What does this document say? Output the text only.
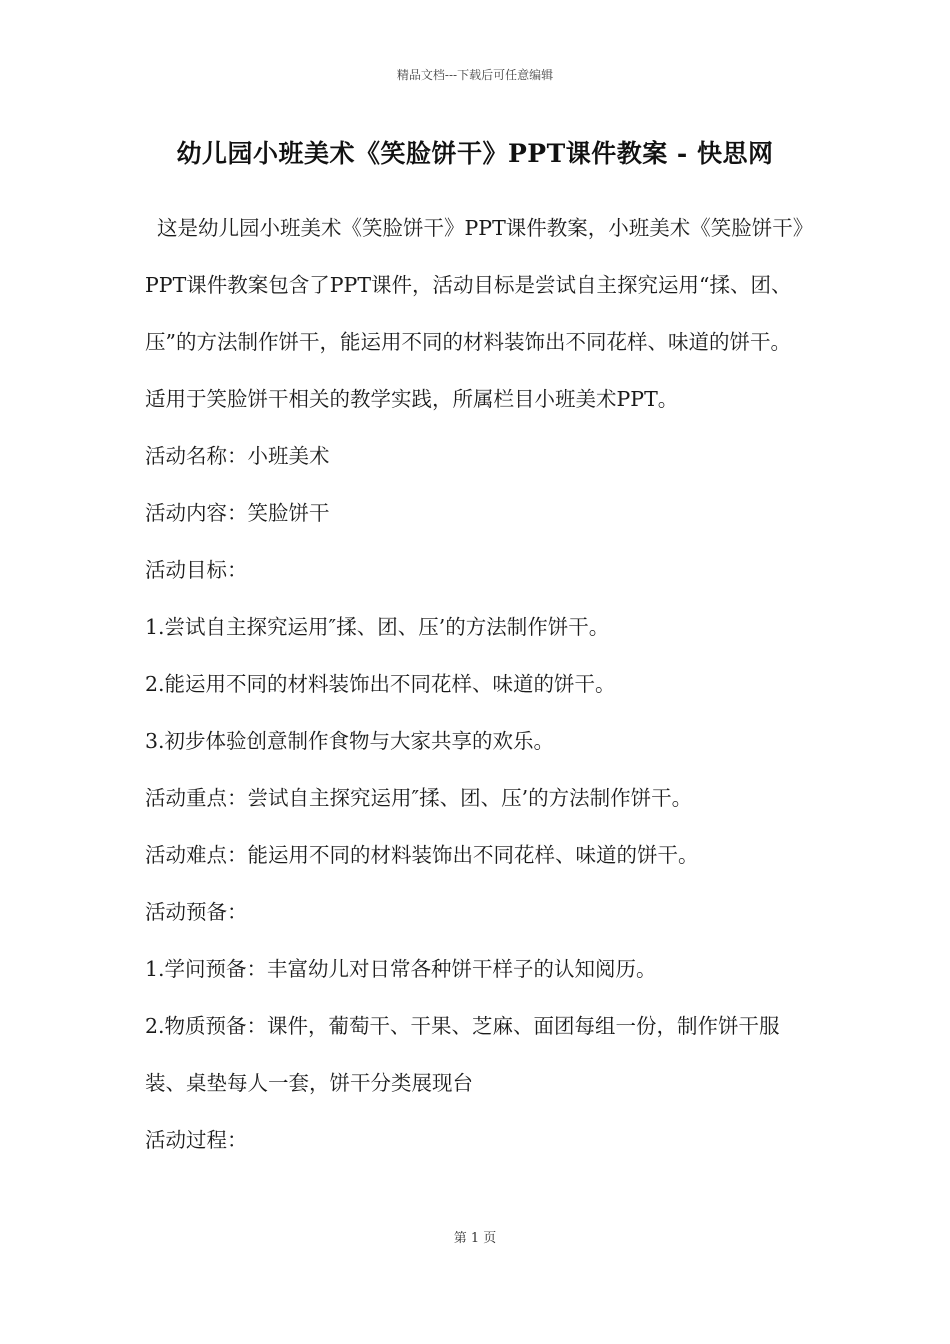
精品文档---下载后可任意编辑
幼儿园小班美术《笑脸饼干》PPT课件教案 - 快思网

这是幼儿园小班美术《笑脸饼干》PPT课件教案，小班美术《笑脸饼干》PPT课件教案包含了PPT课件，活动目标是尝试自主探究运用“揉、团、压”的方法制作饼干，能运用不同的材料装饰出不同花样、味道的饼干。适用于笑脸饼干相关的教学实践，所属栏目小班美术PPT。

活动名称：小班美术

活动内容：笑脸饼干

活动目标：

1.尝试自主探究运用″揉、团、压’的方法制作饼干。

2.能运用不同的材料装饰出不同花样、味道的饼干。

3.初步体验创意制作食物与大家共享的欢乐。

活动重点：尝试自主探究运用″揉、团、压’的方法制作饼干。

活动难点：能运用不同的材料装饰出不同花样、味道的饼干。

活动预备：

1.学问预备：丰富幼儿对日常各种饼干样子的认知阅历。

2.物质预备：课件，葡萄干、干果、芝麻、面团每组一份，制作饼干服装、桌垫每人一套，饼干分类展现台

活动过程：

第 1 页
